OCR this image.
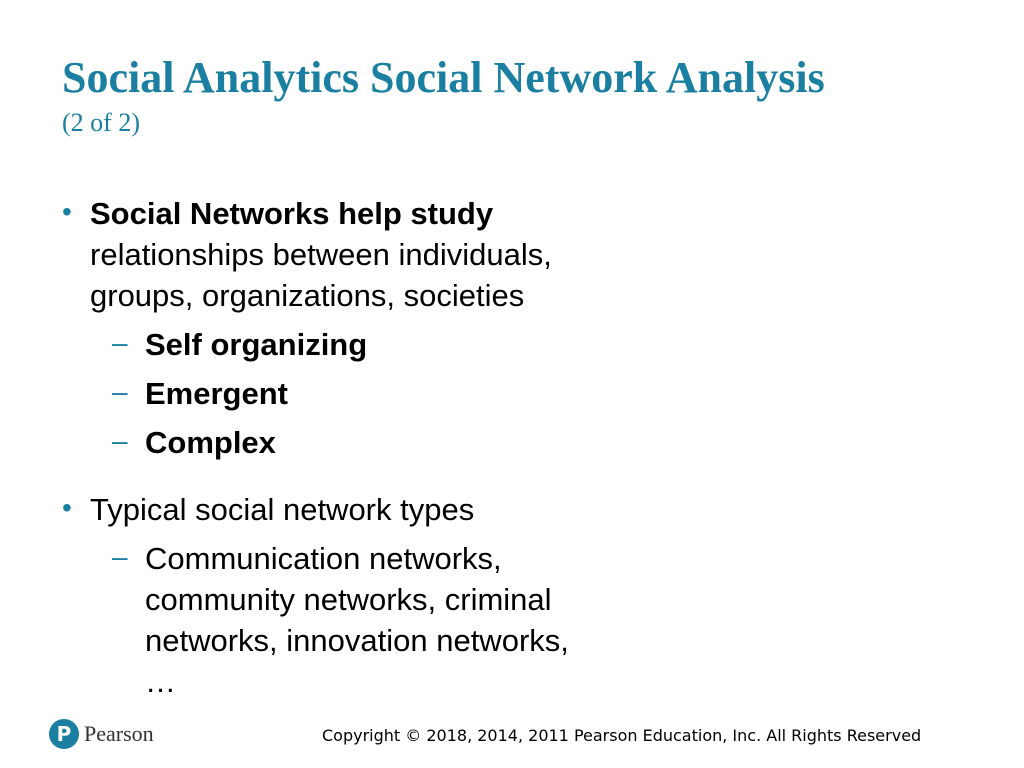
Social Analytics Social Network Analysis
(2 of 2)
• Social Networks help study
relationships between individuals,
groups, organizations, societies
– Self organizing
– Emergent
– Complex
• Typical social network types
– Communication networks, community networks, criminal networks, innovation networks, …
P Pearson	Copyright © 2018, 2014, 2011 Pearson Education, Inc. All Rights Reserved
